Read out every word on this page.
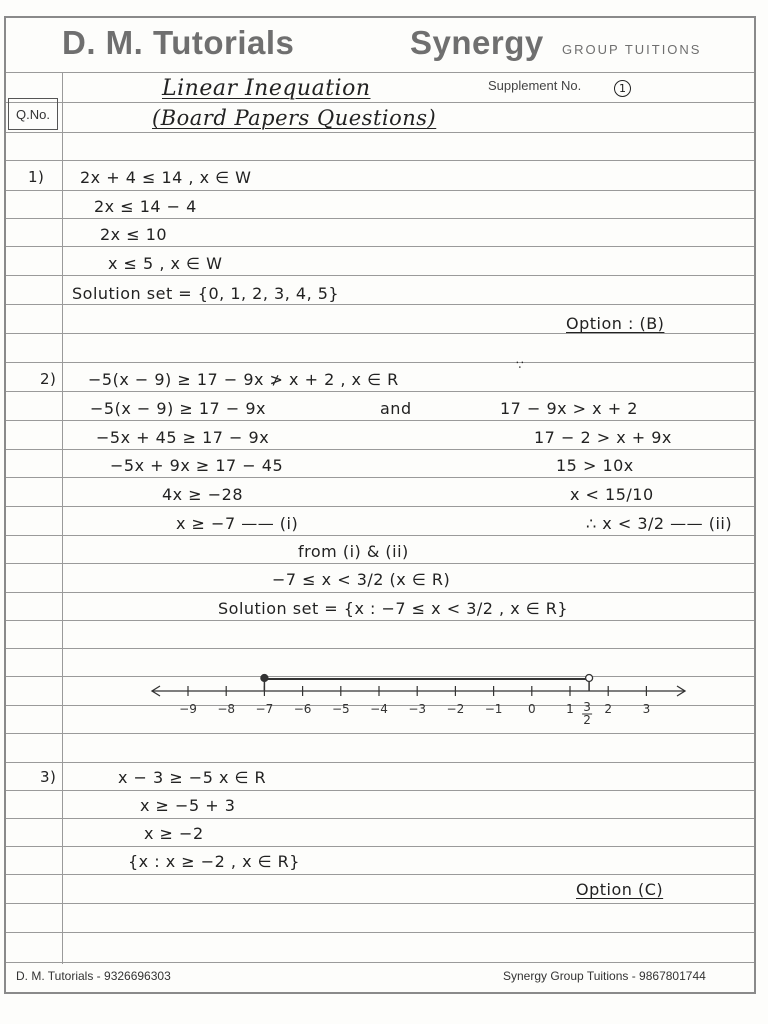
D. M. Tutorials	Synergy GROUP TUITIONS
Q.No.
Supplement No.	1
Linear Inequation
(Board Papers Questions)
1) 2x + 4 ≤ 14 , x ∈ W
2x ≤ 14 − 4
2x ≤ 10
x ≤ 5 , x ∈ W
Solution set = {0, 1, 2, 3, 4, 5}
Option : (B)
2) −5(x − 9) ≥ 17 − 9x ≯ x + 2 , x ∈ R
∵
−5(x − 9) ≥ 17 − 9x	and	17 − 9x > x + 2
−5x + 45 ≥ 17 − 9x	17 − 2 > x + 9x
−5x + 9x ≥ 17 − 45	15 > 10x
4x ≥ −28	x < 15/10
x ≥ −7 —— (i)	∴ x < 3/2 —— (ii)
from (i) & (ii)
−7 ≤ x < 3/2 (x ∈ R)
Solution set = {x : −7 ≤ x < 3/2 , x ∈ R}
−9 −8 −7 −6 −5 −4 −3 −2 −1 0	1	2	3
3
2
3)	x − 3 ≥ −5 x ∈ R
x ≥ −5 + 3
x ≥ −2
{x : x ≥ −2 , x ∈ R}
Option (C)
D. M. Tutorials - 9326696303	Synergy Group Tuitions - 9867801744
